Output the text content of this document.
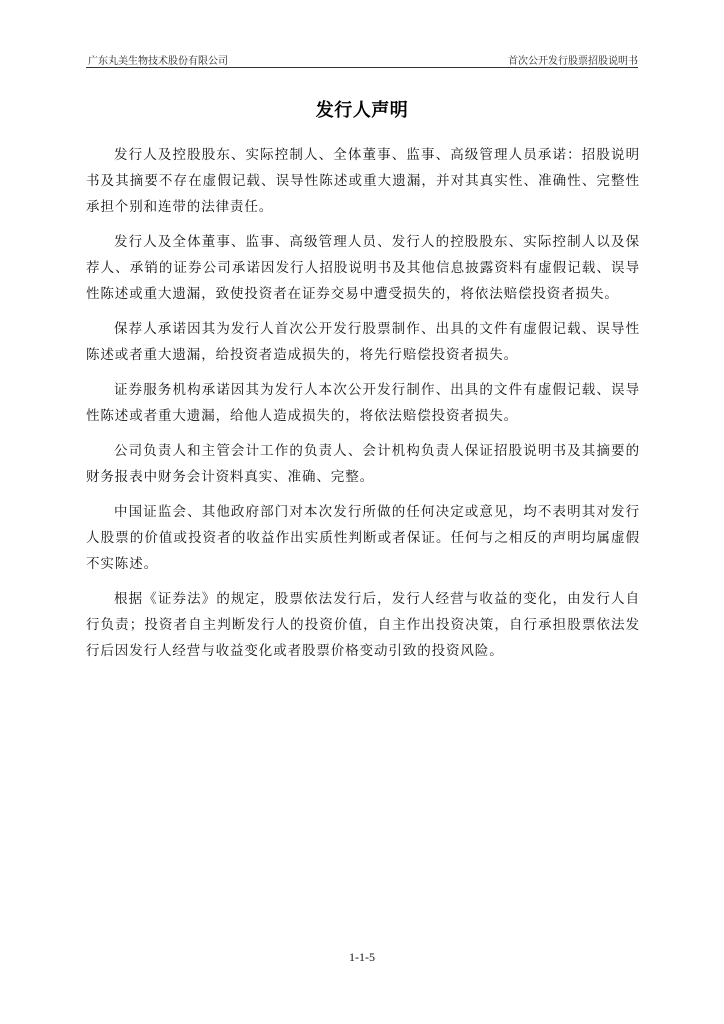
广东丸美生物技术股份有限公司	首次公开发行股票招股说明书
发行人声明

发行人及控股股东、实际控制人、全体董事、监事、高级管理人员承诺：招股说明书及其摘要不存在虚假记载、误导性陈述或重大遗漏，并对其真实性、准确性、完整性承担个别和连带的法律责任。

发行人及全体董事、监事、高级管理人员、发行人的控股股东、实际控制人以及保荐人、承销的证券公司承诺因发行人招股说明书及其他信息披露资料有虚假记载、误导性陈述或重大遗漏，致使投资者在证券交易中遭受损失的，将依法赔偿投资者损失。

保荐人承诺因其为发行人首次公开发行股票制作、出具的文件有虚假记载、误导性陈述或者重大遗漏，给投资者造成损失的，将先行赔偿投资者损失。

证券服务机构承诺因其为发行人本次公开发行制作、出具的文件有虚假记载、误导性陈述或者重大遗漏，给他人造成损失的，将依法赔偿投资者损失。

公司负责人和主管会计工作的负责人、会计机构负责人保证招股说明书及其摘要的财务报表中财务会计资料真实、准确、完整。

中国证监会、其他政府部门对本次发行所做的任何决定或意见，均不表明其对发行人股票的价值或投资者的收益作出实质性判断或者保证。任何与之相反的声明均属虚假不实陈述。

根据《证券法》的规定，股票依法发行后，发行人经营与收益的变化，由发行人自行负责；投资者自主判断发行人的投资价值，自主作出投资决策，自行承担股票依法发行后因发行人经营与收益变化或者股票价格变动引致的投资风险。

1-1-5
